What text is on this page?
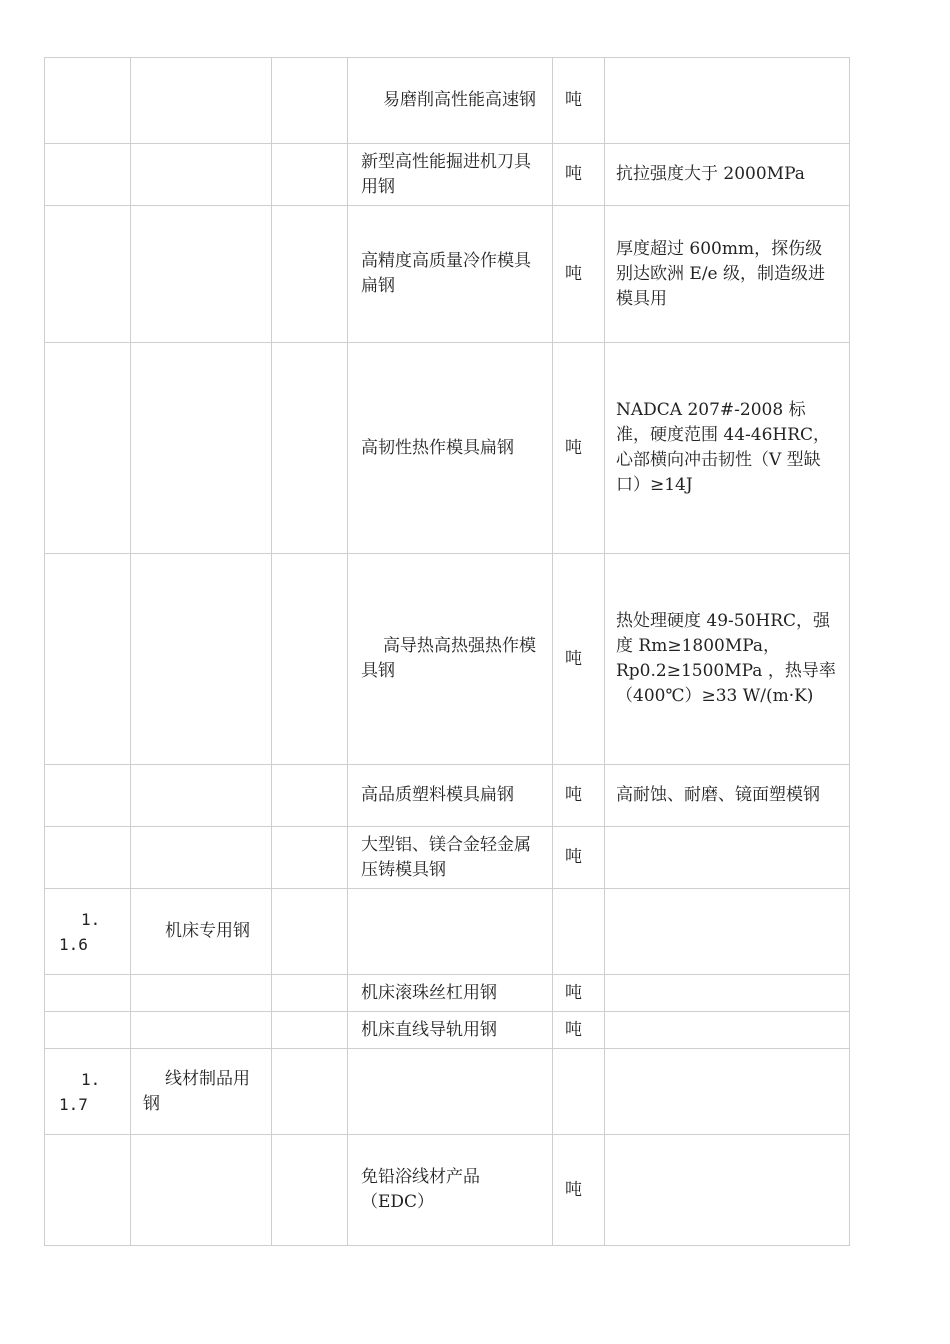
			易磨削高性能高速钢	吨	
			新型高性能掘进机刀具用钢	吨	抗拉强度大于 2000MPa
			高精度高质量冷作模具扁钢	吨	厚度超过 600mm，探伤级别达欧洲 E/e 级，制造级进模具用
			高韧性热作模具扁钢	吨	NADCA 207#-2008 标准，硬度范围 44-46HRC，心部横向冲击韧性（V 型缺口）≥14J
			高导热高热强热作模具钢	吨	热处理硬度 49-50HRC，强度 Rm≥1800MPa，Rp0.2≥1500MPa ，热导率（400℃）≥33 W/(m·K)
			高品质塑料模具扁钢	吨	高耐蚀、耐磨、镜面塑模钢
			大型铝、镁合金轻金属压铸模具钢	吨	

1.
1.6	机床专用钢				
			机床滚珠丝杠用钢	吨	
			机床直线导轨用钢	吨	

1.
1.7	线材制品用钢				
			免铅浴线材产品 （EDC）	吨	
